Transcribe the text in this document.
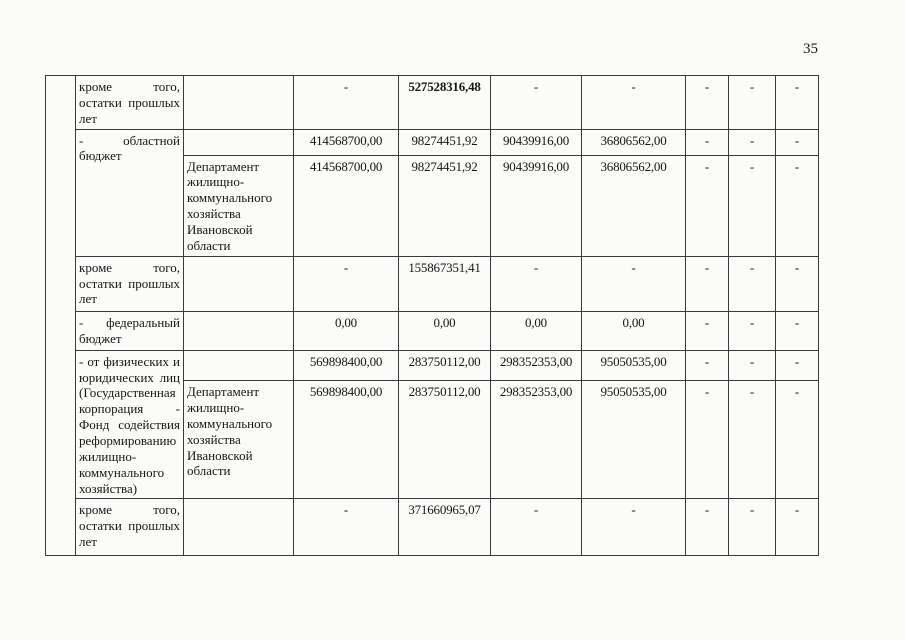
35
	кроме того, остатки прошлых лет		-	527528316,48	-	-	-	-	-
	- областной бюджет		414568700,00	98274451,92	90439916,00	36806562,00	-	-	-
		Департамент жилищно-коммунального хозяйства Ивановской области	414568700,00	98274451,92	90439916,00	36806562,00	-	-	-
	кроме того, остатки прошлых лет		-	155867351,41	-	-	-	-	-
	- федеральный бюджет		0,00	0,00	0,00	0,00	-	-	-
	- от физических и юридических лиц (Государственная корпорация - Фонд содействия реформированию жилищно-коммунального хозяйства)		569898400,00	283750112,00	298352353,00	95050535,00	-	-	-
		Департамент жилищно-коммунального хозяйства Ивановской области	569898400,00	283750112,00	298352353,00	95050535,00	-	-	-
	кроме того, остатки прошлых лет		-	371660965,07	-	-	-	-	-
